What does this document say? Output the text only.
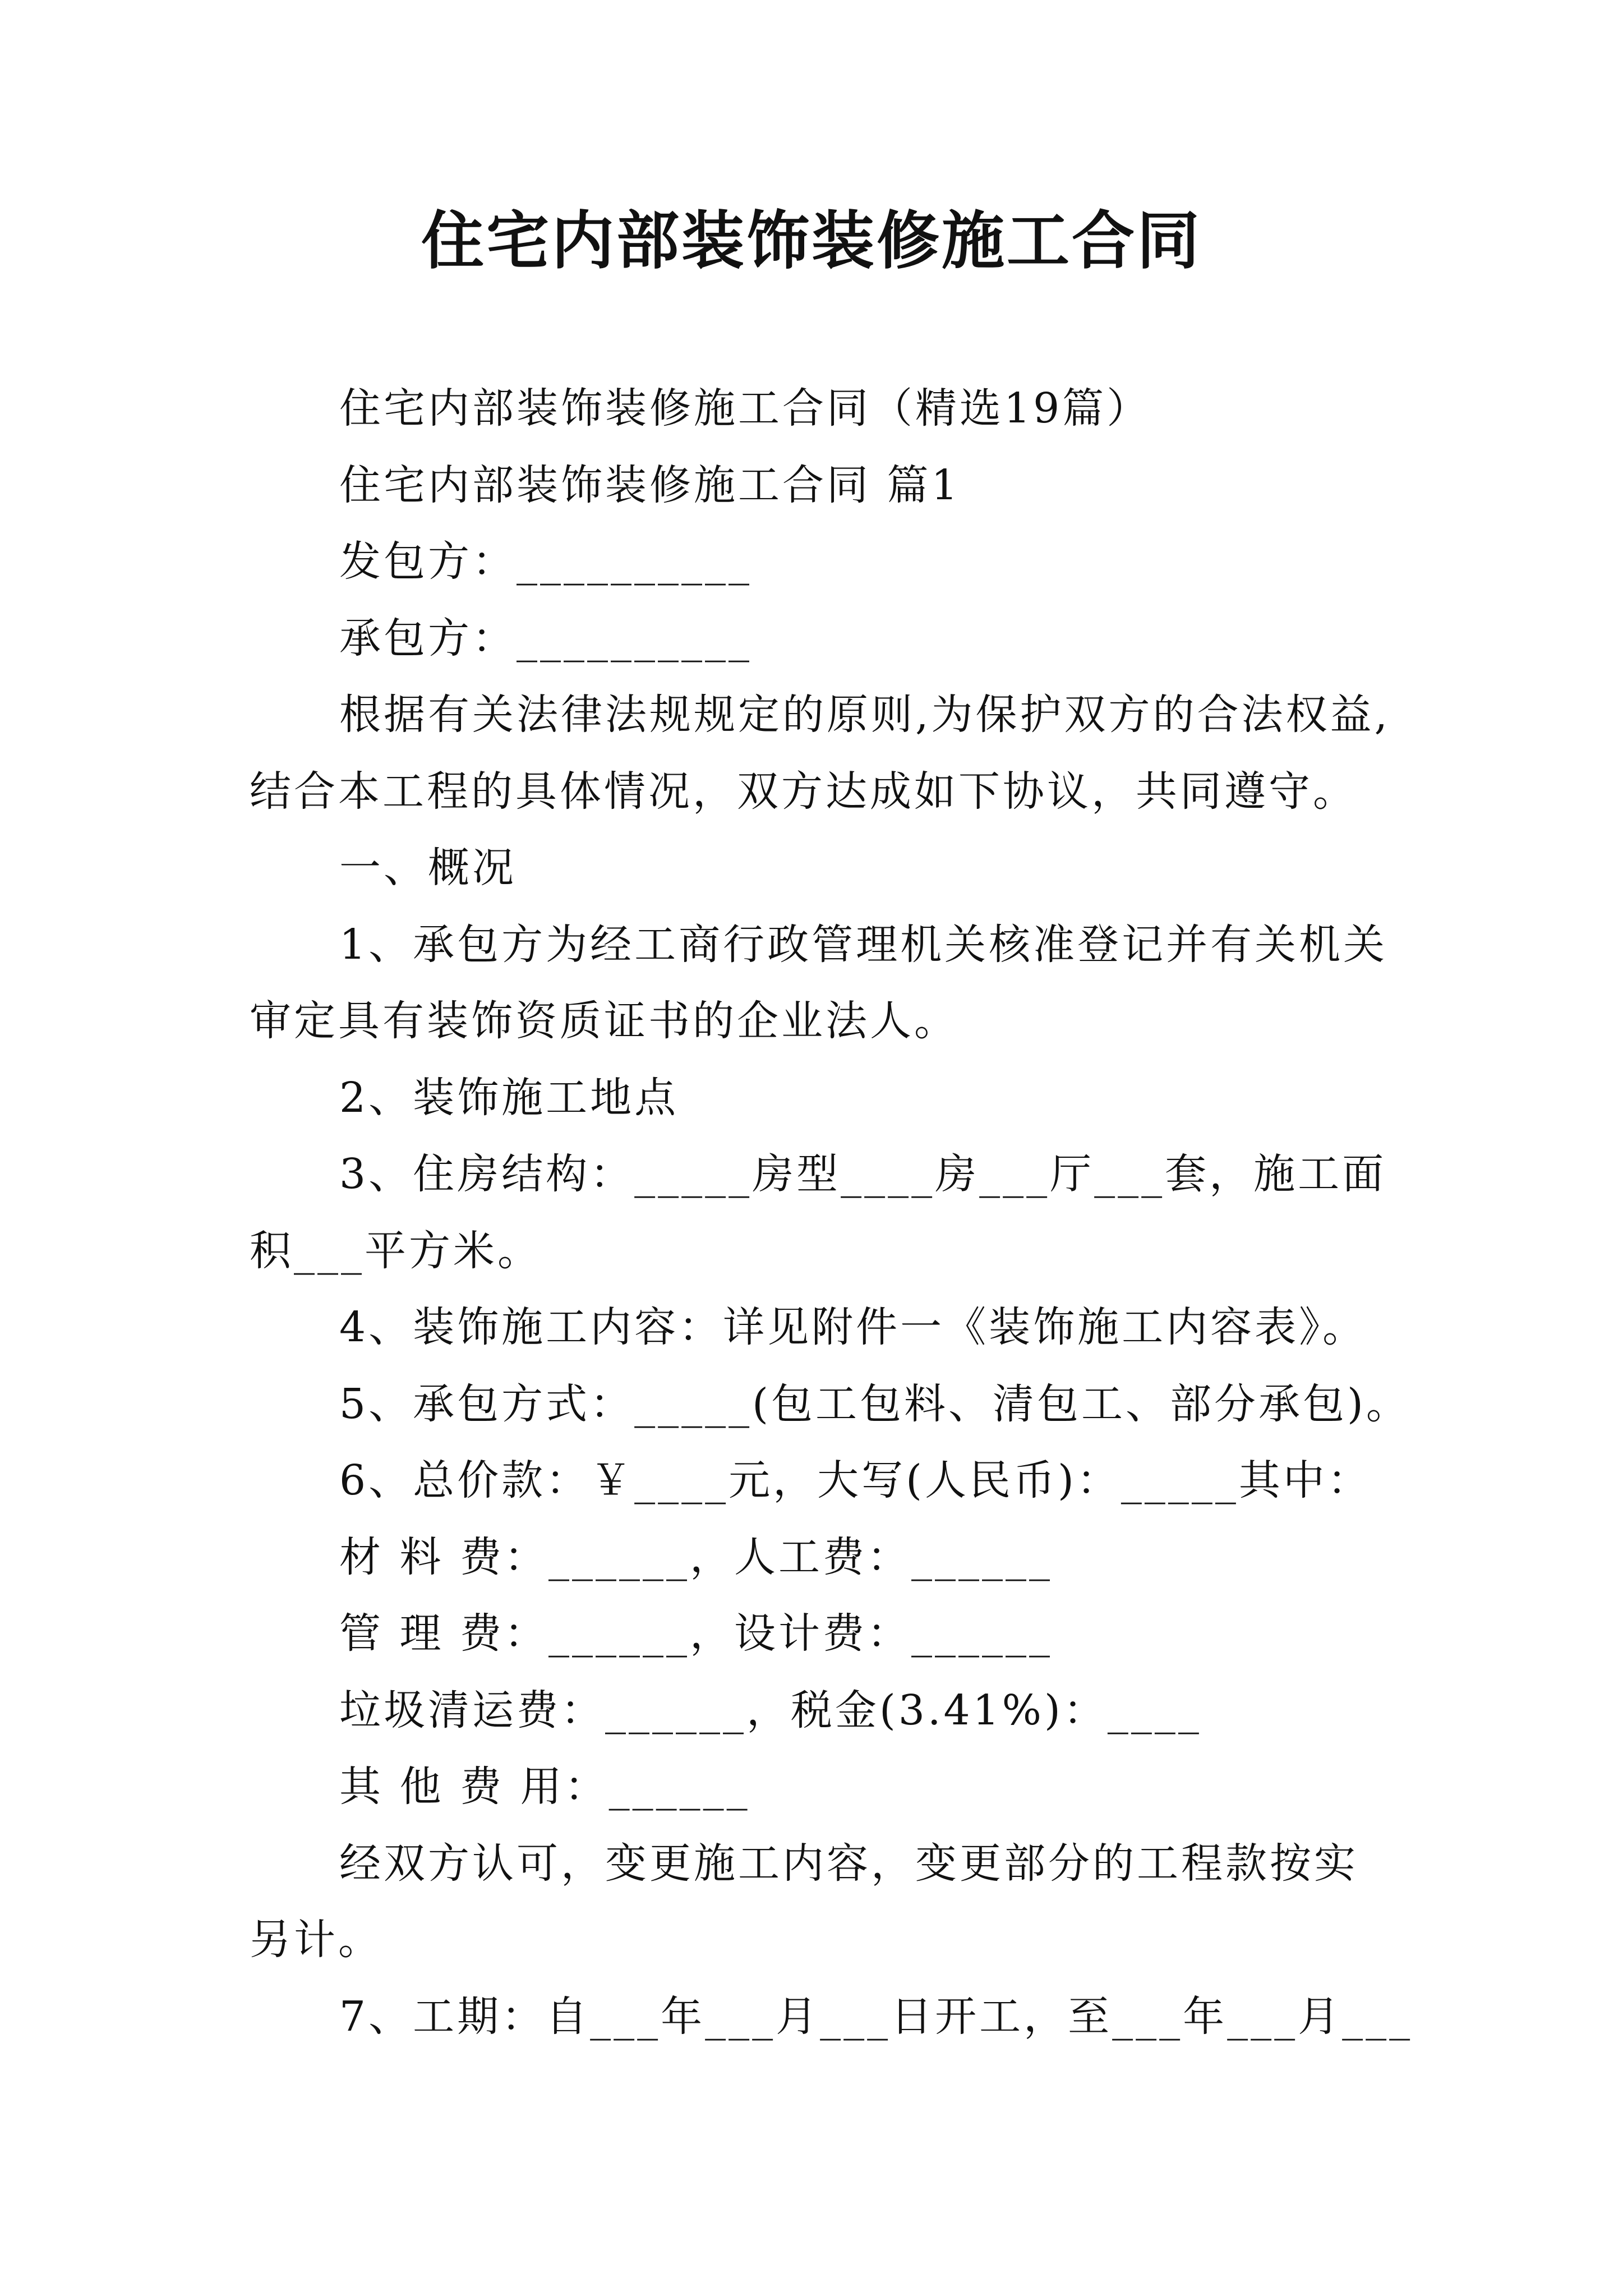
住宅内部装饰装修施工合同

住宅内部装饰装修施工合同（精选19篇）

住宅内部装饰装修施工合同 篇1

发包方：__________

承包方：__________

根据有关法律法规规定的原则,为保护双方的合法权益,结合本工程的具体情况，双方达成如下协议，共同遵守。

一、概况

1、承包方为经工商行政管理机关核准登记并有关机关审定具有装饰资质证书的企业法人。

2、装饰施工地点

3、住房结构：_____房型____房___厅___套，施工面积___平方米。

4、装饰施工内容：详见附件一《装饰施工内容表》。

5、承包方式：_____(包工包料、清包工、部分承包)。

6、总价款：￥____元，大写(人民币)：_____其中：

材 料 费：______，人工费：______

管 理 费：______，设计费：______

垃圾清运费：______，税金(3.41%)：____

其 他 费 用：______

经双方认可，变更施工内容，变更部分的工程款按实另计。

7、工期：自___年___月___日开工，至___年___月___
